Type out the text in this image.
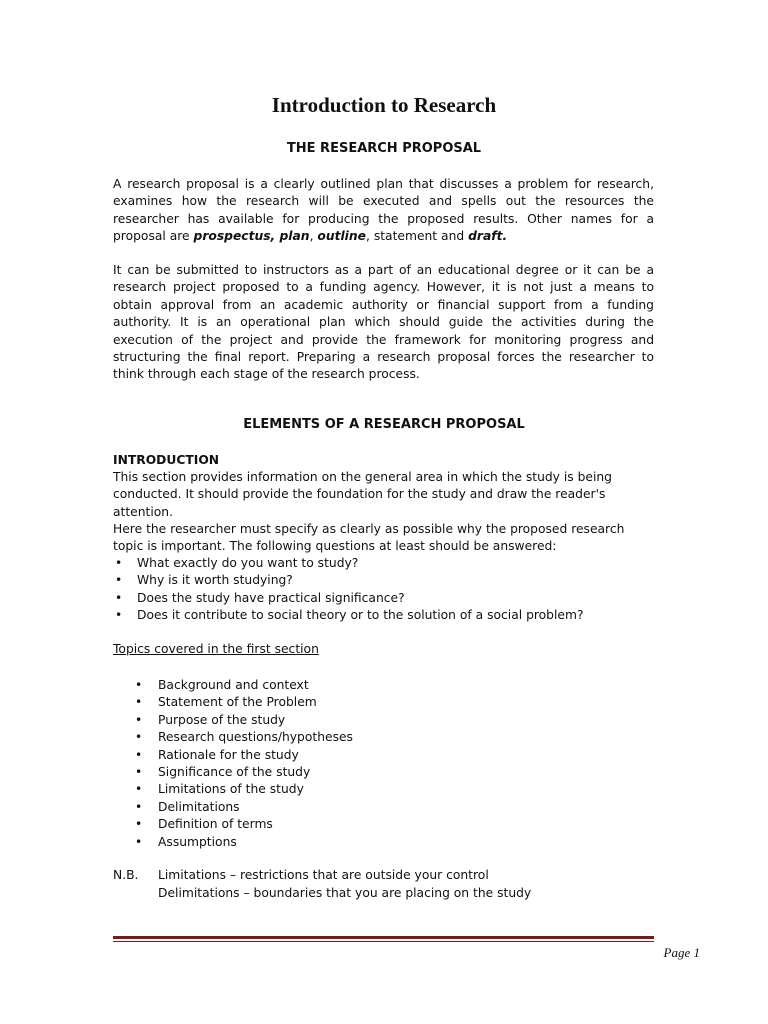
Introduction to Research
THE RESEARCH PROPOSAL

A research proposal is a clearly outlined plan that discusses a problem for research, examines how the research will be executed and spells out the resources the researcher has available for producing the proposed results. Other names for a proposal are prospectus, plan, outline, statement and draft.

It can be submitted to instructors as a part of an educational degree or it can be a research project proposed to a funding agency. However, it is not just a means to obtain approval from an academic authority or financial support from a funding authority. It is an operational plan which should guide the activities during the execution of the project and provide the framework for monitoring progress and structuring the final report. Preparing a research proposal forces the researcher to think through each stage of the research process.

ELEMENTS OF A RESEARCH PROPOSAL
INTRODUCTION

This section provides information on the general area in which the study is being conducted. It should provide the foundation for the study and draw the reader's attention.

Here the researcher must specify as clearly as possible why the proposed research topic is important. The following questions at least should be answered:

• What exactly do you want to study?
• Why is it worth studying?
• Does the study have practical significance?
• Does it contribute to social theory or to the solution of a social problem?
Topics covered in the first section
• Background and context
• Statement of the Problem
• Purpose of the study
• Research questions/hypotheses
• Rationale for the study
• Significance of the study
• Limitations of the study
• Delimitations
• Definition of terms
• Assumptions
N.B. Limitations – restrictions that are outside your control
Delimitations – boundaries that you are placing on the study
Page 1
